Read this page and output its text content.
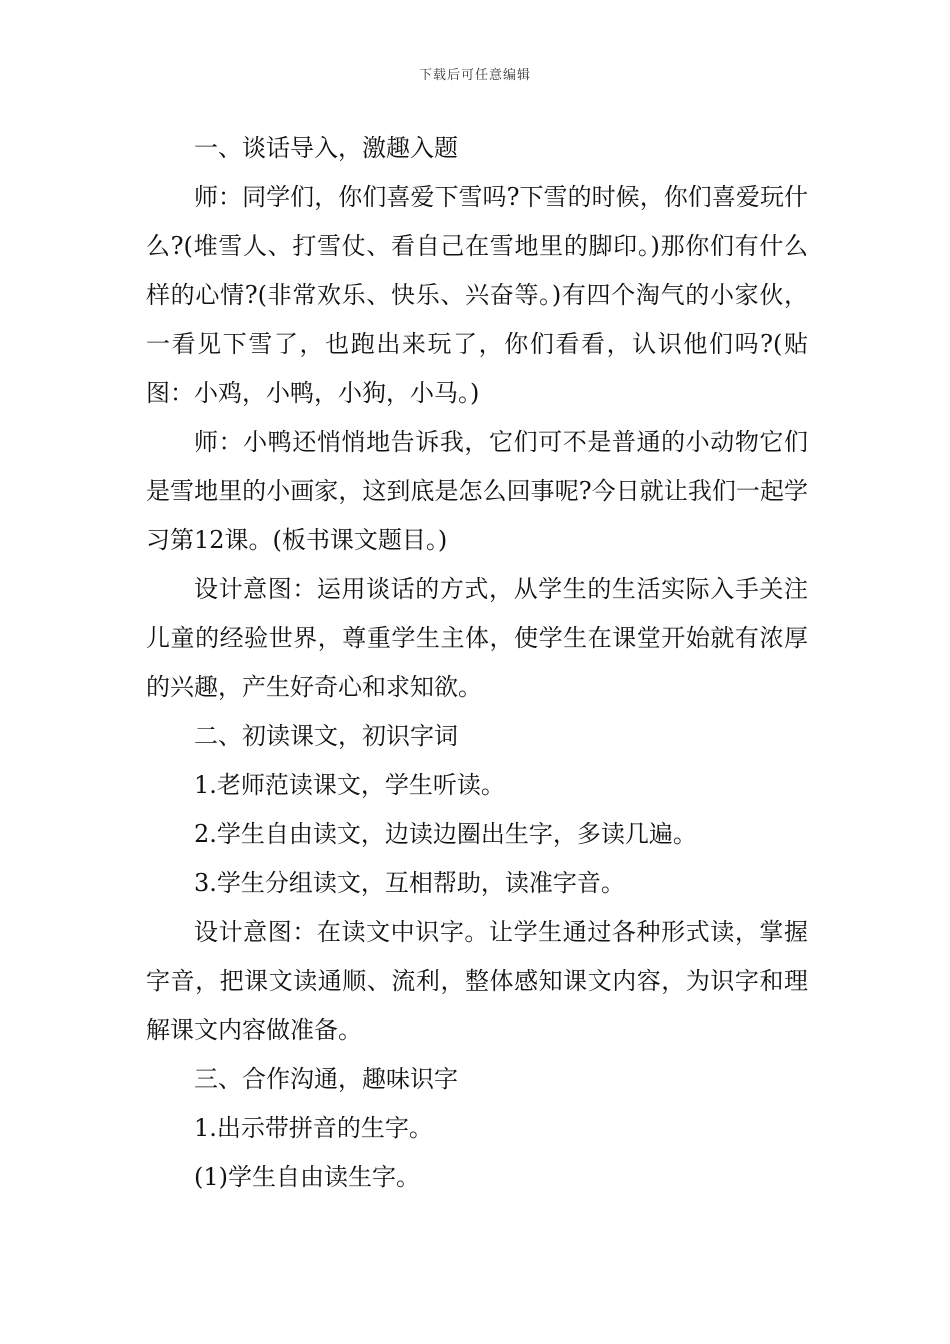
下载后可任意编辑

一、谈话导入，激趣入题

师：同学们，你们喜爱下雪吗?下雪的时候，你们喜爱玩什么?(堆雪人、打雪仗、看自己在雪地里的脚印。)那你们有什么样的心情?(非常欢乐、快乐、兴奋等。)有四个淘气的小家伙，一看见下雪了，也跑出来玩了，你们看看，认识他们吗?(贴图：小鸡，小鸭，小狗，小马。)

师：小鸭还悄悄地告诉我，它们可不是普通的小动物它们是雪地里的小画家，这到底是怎么回事呢?今日就让我们一起学习第12课。(板书课文题目。)

设计意图：运用谈话的方式，从学生的生活实际入手关注儿童的经验世界，尊重学生主体，使学生在课堂开始就有浓厚的兴趣，产生好奇心和求知欲。

二、初读课文，初识字词

1.老师范读课文，学生听读。

2.学生自由读文，边读边圈出生字，多读几遍。

3.学生分组读文，互相帮助，读准字音。

设计意图：在读文中识字。让学生通过各种形式读，掌握字音，把课文读通顺、流利，整体感知课文内容，为识字和理解课文内容做准备。

三、合作沟通，趣味识字

1.出示带拼音的生字。

(1)学生自由读生字。
